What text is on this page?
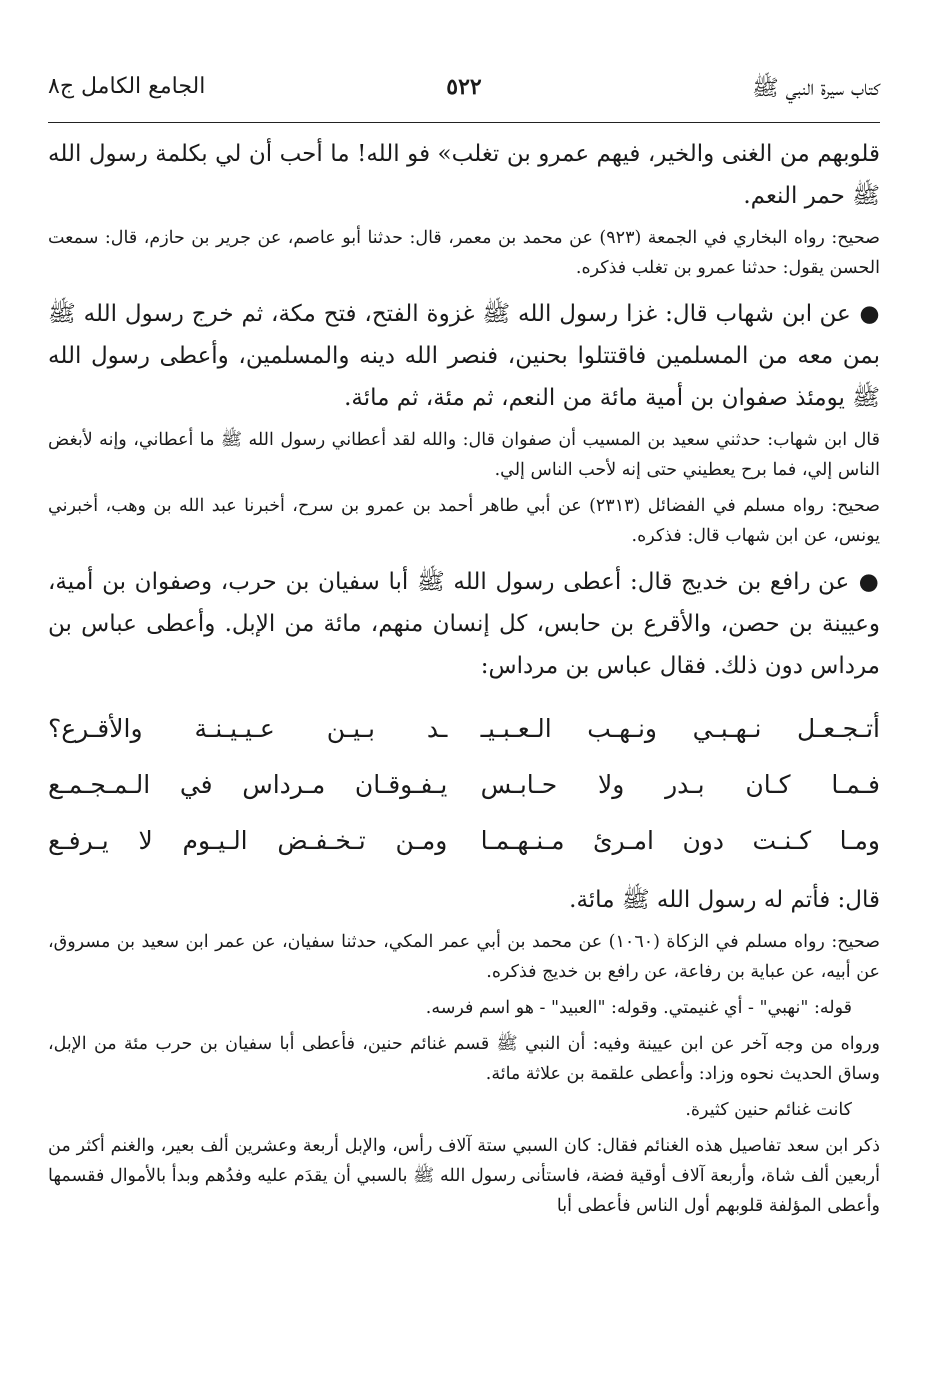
كتاب سيرة النبي ﷺ
٥٢٢
الجامع الكامل ج٨
قلوبهم من الغنى والخير، فيهم عمرو بن تغلب» فو الله! ما أحب أن لي بكلمة رسول الله ﷺ حمر النعم.
صحيح: رواه البخاري في الجمعة (٩٢٣) عن محمد بن معمر، قال: حدثنا أبو عاصم، عن جرير بن حازم، قال: سمعت الحسن يقول: حدثنا عمرو بن تغلب فذكره.
● عن ابن شهاب قال: غزا رسول الله ﷺ غزوة الفتح، فتح مكة، ثم خرج رسول الله ﷺ بمن معه من المسلمين فاقتتلوا بحنين، فنصر الله دينه والمسلمين، وأعطى رسول الله ﷺ يومئذ صفوان بن أمية مائة من النعم، ثم مئة، ثم مائة.
قال ابن شهاب: حدثني سعيد بن المسيب أن صفوان قال: والله لقد أعطاني رسول الله ﷺ ما أعطاني، وإنه لأبغض الناس إلي، فما برح يعطيني حتى إنه لأحب الناس إلي.
صحيح: رواه مسلم في الفضائل (٢٣١٣) عن أبي طاهر أحمد بن عمرو بن سرح، أخبرنا عبد الله بن وهب، أخبرني يونس، عن ابن شهاب قال: فذكره.
● عن رافع بن خديج قال: أعطى رسول الله ﷺ أبا سفيان بن حرب، وصفوان بن أمية، وعيينة بن حصن، والأقرع بن حابس، كل إنسان منهم، مائة من الإبل. وأعطى عباس بن مرداس دون ذلك. فقال عباس بن مرداس:
أتـجـعـل نـهـبـي ونـهـب الـعـبـيـ
ـد بـيـن عـيـيـنـة والأقـرع؟
فـمـا كـان بـدر ولا حـابـس
يـفـوقـان مـرداس في الـمـجـمـع
ومـا كـنـت دون امـرئ مـنـهـمـا
ومـن تـخـفـض الـيـوم لا يـرفـع
قال: فأتم له رسول الله ﷺ مائة.
صحيح: رواه مسلم في الزكاة (١٠٦٠) عن محمد بن أبي عمر المكي، حدثنا سفيان، عن عمر ابن سعيد بن مسروق، عن أبيه، عن عباية بن رفاعة، عن رافع بن خديج فذكره.
قوله: "نهبي" - أي غنيمتي. وقوله: "العبيد" - هو اسم فرسه.
ورواه من وجه آخر عن ابن عيينة وفيه: أن النبي ﷺ قسم غنائم حنين، فأعطى أبا سفيان بن حرب مئة من الإبل، وساق الحديث نحوه وزاد: وأعطى علقمة بن علاثة مائة.
كانت غنائم حنين كثيرة.
ذكر ابن سعد تفاصيل هذه الغنائم فقال: كان السبي ستة آلاف رأس، والإبل أربعة وعشرين ألف بعير، والغنم أكثر من أربعين ألف شاة، وأربعة آلاف أوقية فضة، فاستأنى رسول الله ﷺ بالسبي أن يقدَم عليه وفدُهم وبدأ بالأموال فقسمها وأعطى المؤلفة قلوبهم أول الناس فأعطى أبا
